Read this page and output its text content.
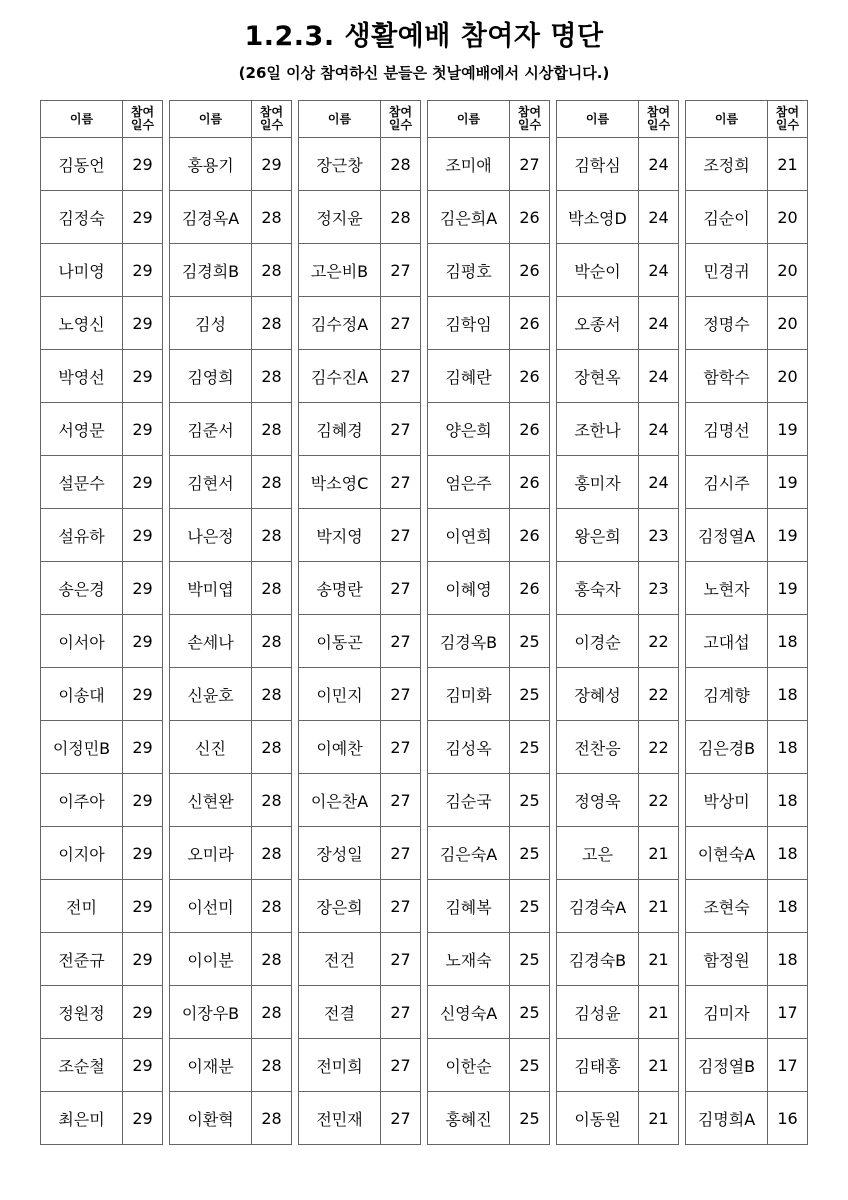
1.2.3. 생활예배 참여자 명단
(26일 이상 참여하신 분들은 첫날예배에서 시상합니다.)
이름	참여
일수
김동언	29
김정숙	29
나미영	29
노영신	29
박영선	29
서영문	29
설문수	29
설유하	29
송은경	29
이서아	29
이송대	29
이정민B	29
이주아	29
이지아	29
전미	29
전준규	29
정원정	29
조순철	29
최은미	29
이름	참여
일수
홍용기	29
김경옥A	28
김경희B	28
김성	28
김영희	28
김준서	28
김현서	28
나은정	28
박미엽	28
손세나	28
신윤호	28
신진	28
신현완	28
오미라	28
이선미	28
이이분	28
이장우B	28
이재분	28
이환혁	28
이름	참여
일수
장근창	28
정지윤	28
고은비B	27
김수정A	27
김수진A	27
김혜경	27
박소영C	27
박지영	27
송명란	27
이동곤	27
이민지	27
이예찬	27
이은찬A	27
장성일	27
장은희	27
전건	27
전결	27
전미희	27
전민재	27
이름	참여
일수
조미애	27
김은희A	26
김평호	26
김학임	26
김혜란	26
양은희	26
엄은주	26
이연희	26
이혜영	26
김경옥B	25
김미화	25
김성옥	25
김순국	25
김은숙A	25
김혜복	25
노재숙	25
신영숙A	25
이한순	25
홍혜진	25
이름	참여
일수
김학심	24
박소영D	24
박순이	24
오종서	24
장현옥	24
조한나	24
홍미자	24
왕은희	23
홍숙자	23
이경순	22
장혜성	22
전찬응	22
정영욱	22
고은	21
김경숙A	21
김경숙B	21
김성윤	21
김태홍	21
이동원	21
이름	참여
일수
조정희	21
김순이	20
민경귀	20
정명수	20
함학수	20
김명선	19
김시주	19
김정열A	19
노현자	19
고대섭	18
김계향	18
김은경B	18
박상미	18
이현숙A	18
조현숙	18
함정원	18
김미자	17
김정열B	17
김명희A	16
